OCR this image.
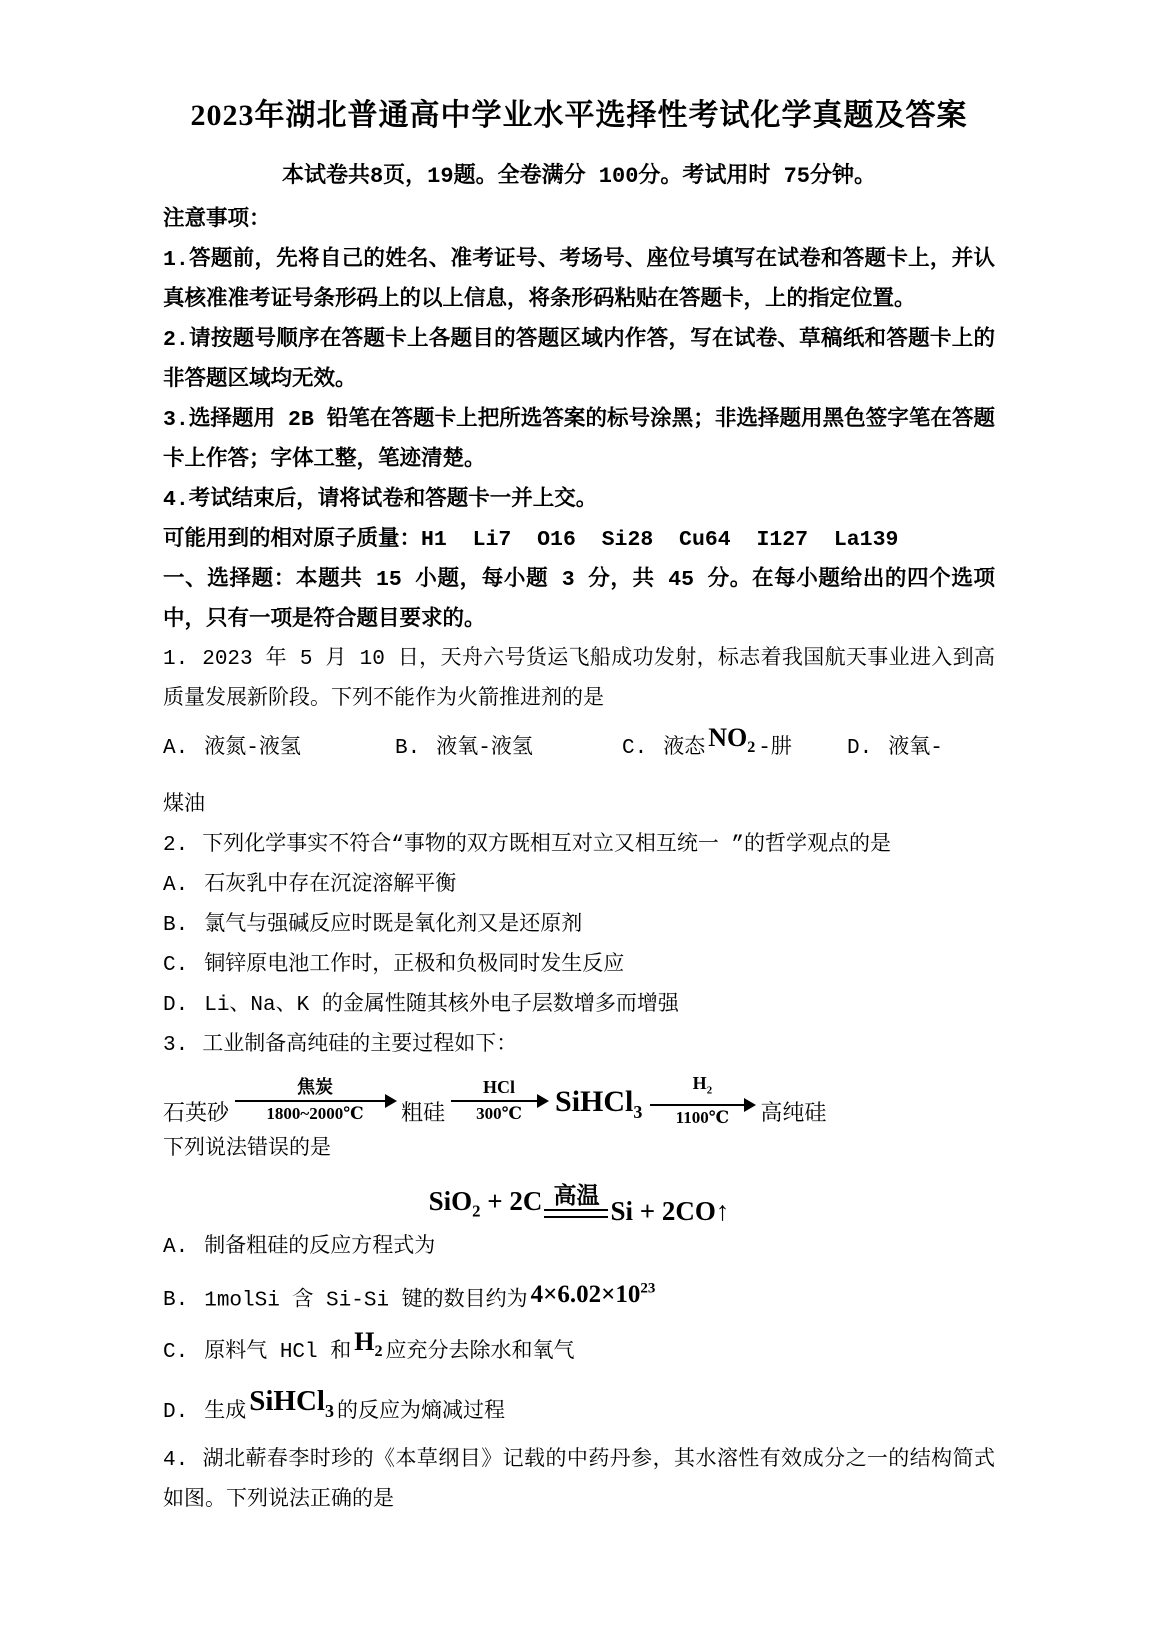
2023年湖北普通高中学业水平选择性考试化学真题及答案

本试卷共8页，19题。全卷满分 100分。考试用时 75分钟。

注意事项：

1.答题前，先将自己的姓名、准考证号、考场号、座位号填写在试卷和答题卡上，并认真核准准考证号条形码上的以上信息，将条形码粘贴在答题卡，上的指定位置。

2.请按题号顺序在答题卡上各题目的答题区域内作答，写在试卷、草稿纸和答题卡上的非答题区域均无效。

3.选择题用 2B 铅笔在答题卡上把所选答案的标号涂黑；非选择题用黑色签字笔在答题卡上作答；字体工整，笔迹清楚。

4.考试结束后，请将试卷和答题卡一并上交。

可能用到的相对原子质量：H1  Li7  O16  Si28  Cu64  I127  La139

一、选择题：本题共 15 小题，每小题 3 分，共 45 分。在每小题给出的四个选项中，只有一项是符合题目要求的。

1. 2023 年 5 月 10 日，天舟六号货运飞船成功发射，标志着我国航天事业进入到高质量发展新阶段。下列不能作为火箭推进剂的是

A. 液氮-液氢	B. 液氧-液氢	C. 液态 $NO_2$ -肼	D. 液氧-

煤油

2. 下列化学事实不符合“事物的双方既相互对立又相互统一 ”的哲学观点的是

A. 石灰乳中存在沉淀溶解平衡

B. 氯气与强碱反应时既是氧化剂又是还原剂

C. 铜锌原电池工作时，正极和负极同时发生反应

D. Li、Na、K 的金属性随其核外电子层数增多而增强

3. 工业制备高纯硅的主要过程如下：

石英砂
焦炭
1800~2000℃ 粗硅
HCl
300℃ SiHCl$_3$
$H_2$
1100℃ 高纯硅

下列说法错误的是

SiO$_2$ + 2C 高温
Si + 2CO↑

A. 制备粗硅的反应方程式为

B. 1molSi 含 Si-Si 键的数目约为 $4\times 6.02\times 10^{23}$

C. 原料气 HCl 和 $H_2$ 应充分去除水和氧气

D. 生成 SiHCl$_3$ 的反应为熵减过程

4. 湖北蕲春李时珍的《本草纲目》记载的中药丹参，其水溶性有效成分之一的结构简式如图。下列说法正确的是
